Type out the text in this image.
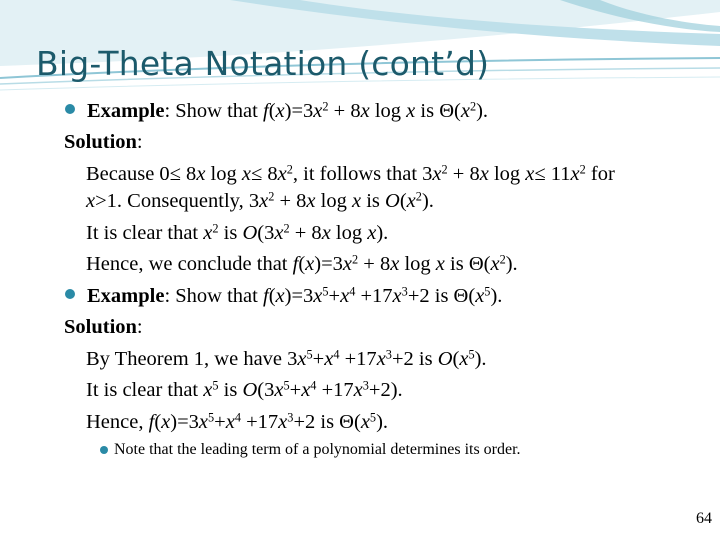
Big-Theta Notation (cont’d)
Example: Show that $f(x)=3x^2 + 8x$ log x is $\Theta(x^2)$.
Solution:
Because 0≤ 8x $\log x\le 8x^2$, it follows that $3x^2 + 8x$ $\log x\le 11x^2$ for
x>1. Consequently, $3x^2 + 8x$ log x is $O(x^2)$.
It is clear that $x^2$ is $O(3x^2 + 8x$ log x).
Hence, we conclude that $f(x)=3x^2 + 8x$ log x is $\Theta(x^2)$.
Example: Show that $f(x)=3x^5+x^4 +17x^3+2$ is $\Theta(x^5)$.
Solution:
By Theorem 1, we have $3x^5+x^4 +17x^3+2$ is $O(x^5)$.
It is clear that $x^5$ is $O(3x^5+x^4 +17x^3+2)$.
Hence, $f(x)=3x^5+x^4 +17x^3+2$ is $\Theta(x^5)$.
Note that the leading term of a polynomial determines its order.
64
